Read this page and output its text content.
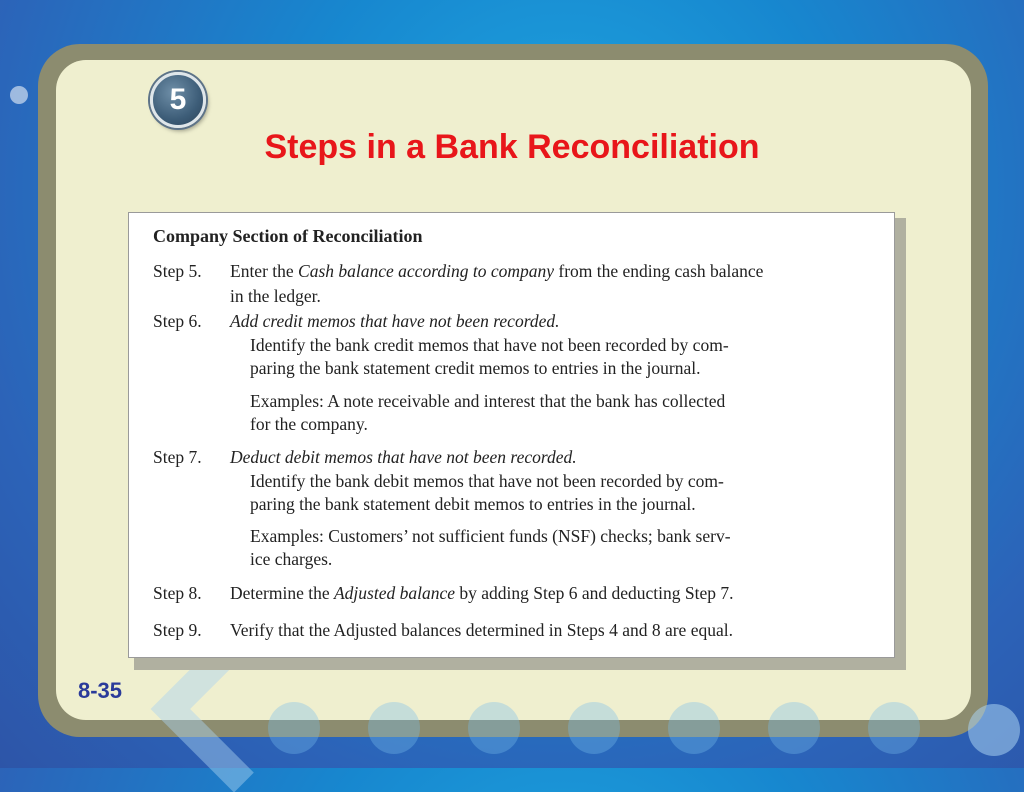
5
Steps in a Bank Reconciliation
Company Section of Reconciliation
Step 5. Enter the Cash balance according to company from the ending cash balance
in the ledger.
Step 6. Add credit memos that have not been recorded.
Identify the bank credit memos that have not been recorded by com-
paring the bank statement credit memos to entries in the journal.
Examples: A note receivable and interest that the bank has collected
for the company.
Step 7. Deduct debit memos that have not been recorded.
Identify the bank debit memos that have not been recorded by com-
paring the bank statement debit memos to entries in the journal.
Examples: Customers’ not sufficient funds (NSF) checks; bank serv-
ice charges.
Step 8. Determine the Adjusted balance by adding Step 6 and deducting Step 7.
Step 9. Verify that the Adjusted balances determined in Steps 4 and 8 are equal.
8-35
